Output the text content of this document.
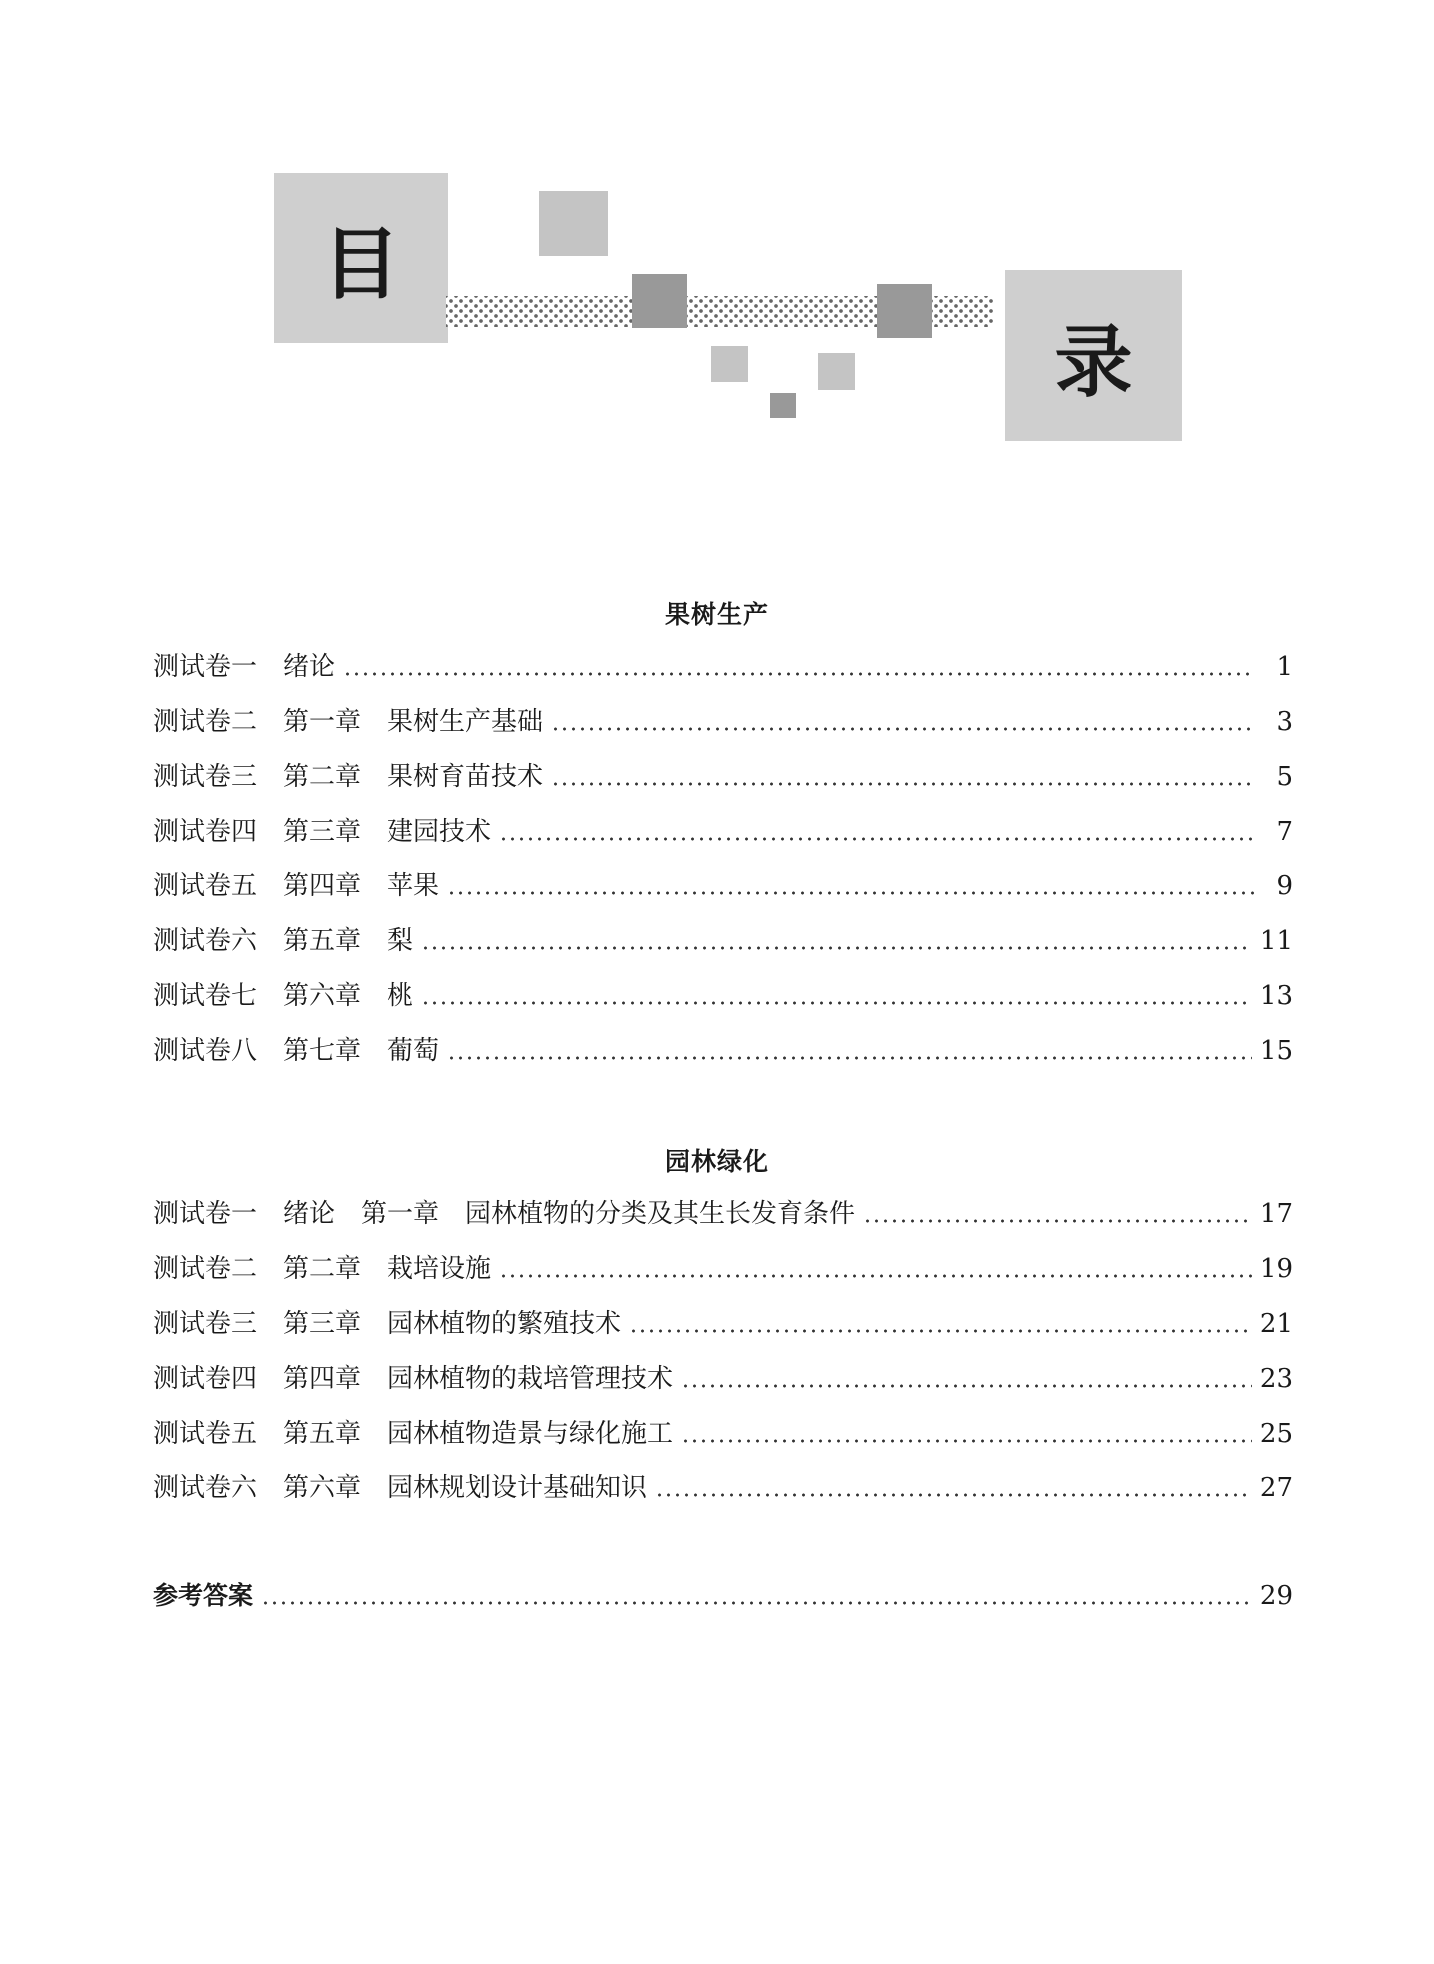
目
录
果树生产
测试卷一　绪论	1
测试卷二　第一章　果树生产基础	3
测试卷三　第二章　果树育苗技术	5
测试卷四　第三章　建园技术	7
测试卷五　第四章　苹果	9
测试卷六　第五章　梨	11
测试卷七　第六章　桃	13
测试卷八　第七章　葡萄	15
园林绿化
测试卷一　绪论　第一章　园林植物的分类及其生长发育条件	17
测试卷二　第二章　栽培设施	19
测试卷三　第三章　园林植物的繁殖技术	21
测试卷四　第四章　园林植物的栽培管理技术	23
测试卷五　第五章　园林植物造景与绿化施工	25
测试卷六　第六章　园林规划设计基础知识	27
参考答案	29
